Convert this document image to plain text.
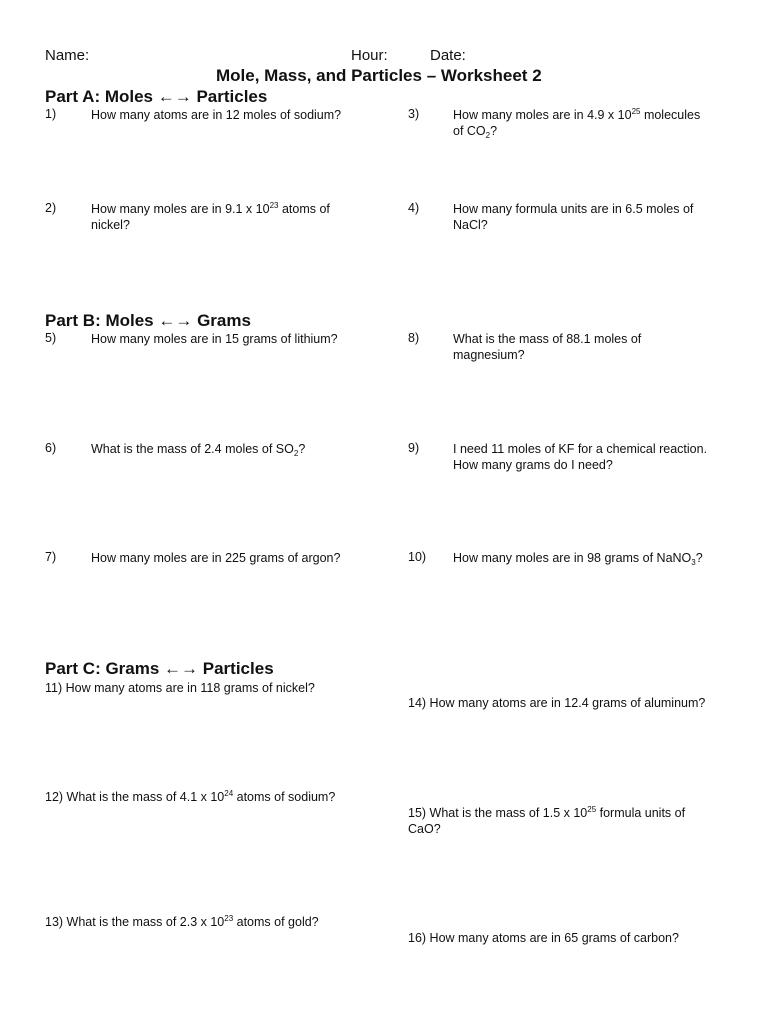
Name:	Hour:	Date:
Mole, Mass, and Particles – Worksheet 2
Part A: Moles ←→ Particles
1)	How many atoms are in 12 moles of sodium?	3)	How many moles are in 4.9 x $10^{25}$ molecules
of $CO_2$?
2)	How many moles are in 9.1 x $10^{23}$ atoms of
nickel?
4)	How many formula units are in 6.5 moles of
NaCl?
Part B: Moles ←→ Grams
5)	How many moles are in 15 grams of lithium?	8)	What is the mass of 88.1 moles of
magnesium?
6)	What is the mass of 2.4 moles of $SO_2$?	9)	I need 11 moles of KF for a chemical reaction.
How many grams do I need?
7)	How many moles are in 225 grams of argon?	10) How many moles are in 98 grams of NaNO$_3$?
Part C: Grams ←→ Particles
11) How many atoms are in 118 grams of nickel?
14) How many atoms are in 12.4 grams of aluminum?
12) What is the mass of 4.1 x $10^{24}$ atoms of sodium?
15) What is the mass of 1.5 x $10^{25}$ formula units of
CaO?
13) What is the mass of 2.3 x $10^{23}$ atoms of gold?
16) How many atoms are in 65 grams of carbon?
